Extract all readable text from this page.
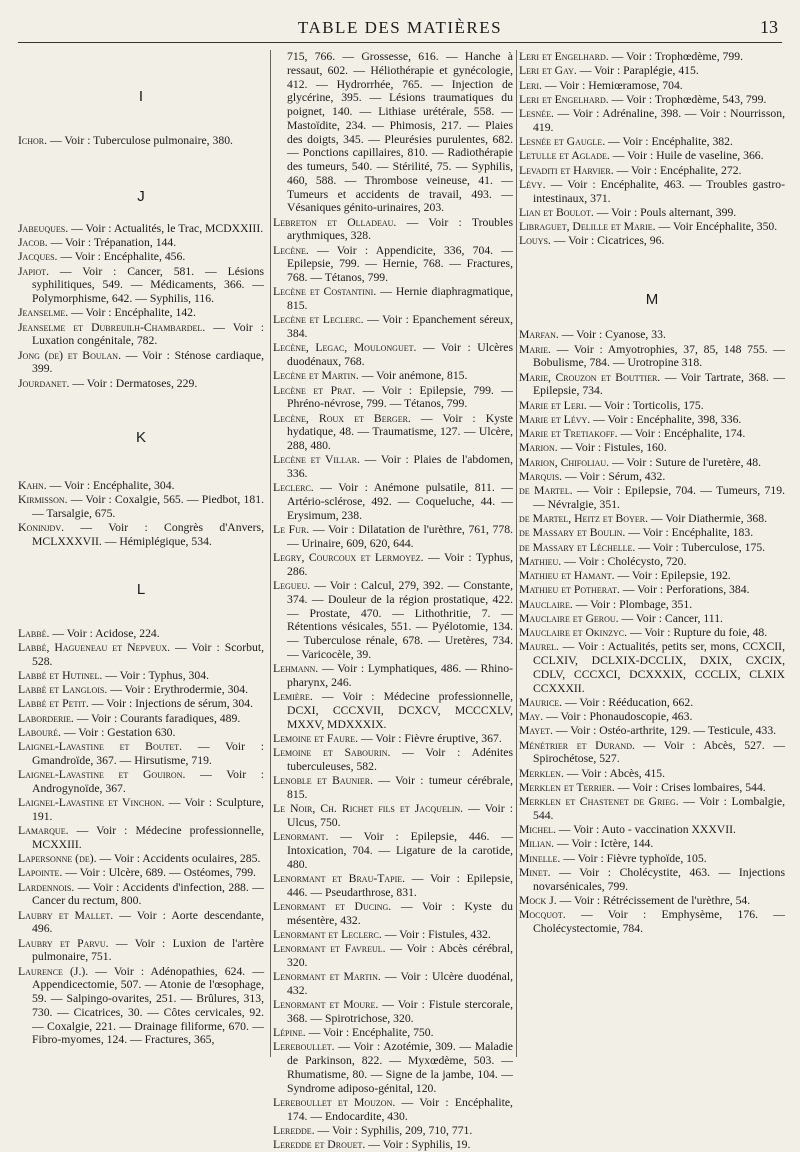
TABLE DES MATIÈRES	13
I
Ichor. — Voir : Tuberculose pulmonaire, 380.
J
Jabeuques. — Voir : Actualités, le Trac, MCDXXIII.
Jacob. — Voir : Trépanation, 144.
Jacques. — Voir : Encéphalite, 456.
Japiot. — Voir : Cancer, 581. — Lésions syphilitiques, 549. — Médicaments, 366. — Polymorphisme, 642. — Syphilis, 116.
Jeanselme. — Voir : Encéphalite, 142.
Jeanselme et Dubreuilh-Chambardel. — Voir : Luxation congénitale, 782.
Jong (de) et Boulan. — Voir : Sténose cardiaque, 399.
Jourdanet. — Voir : Dermatoses, 229.
K
Kahn. — Voir : Encéphalite, 304.
Kirmisson. — Voir : Coxalgie, 565. — Piedbot, 181. — Tarsalgie, 675.
Koninjdv. — Voir : Congrès d'Anvers, MCLXXXVII. — Hémiplégique, 534.
L
Labbé. — Voir : Acidose, 224.
Labbé, Hagueneau et Nepveux. — Voir : Scorbut, 528.
Labbé et Hutinel. — Voir : Typhus, 304.
Labbé et Langlois. — Voir : Erythrodermie, 304.
Labbé et Petit. — Voir : Injections de sérum, 304.
Laborderie. — Voir : Courants faradiques, 489.
Labouré. — Voir : Gestation 630.
Laignel-Lavastine et Boutet. — Voir : Gmandroïde, 367. — Hirsutisme, 719.
Laignel-Lavastine et Gouiron. — Voir : Androgynoïde, 367.
Laignel-Lavastine et Vinchon. — Voir : Sculpture, 191.
Lamarque. — Voir : Médecine professionnelle, MCXXIII.
Lapersonne (de). — Voir : Accidents oculaires, 285.
Lapointe. — Voir : Ulcère, 689. — Ostéomes, 799.
Lardennois. — Voir : Accidents d'infection, 288. — Cancer du rectum, 800.
Laubry et Mallet. — Voir : Aorte descendante, 496.
Laubry et Parvu. — Voir : Luxion de l'artère pulmonaire, 751.
Laurence (J.). — Voir : Adénopathies, 624. — Appendicectomie, 507. — Atonie de l'œsophage, 59. — Salpingo-ovarites, 251. — Brûlures, 313, 730. — Cicatrices, 30. — Côtes cervicales, 92. — Coxalgie, 221. — Drainage filiforme, 670. — Fibro-myomes, 124. — Fractures, 365,
715, 766. — Grossesse, 616. — Hanche à ressaut, 602. — Héliothérapie et gynécologie, 412. — Hydrorrhée, 765. — Injection de glycérine, 395. — Lésions traumatiques du poignet, 140. — Lithiase urétérale, 558. — Mastoïdite, 234. — Phimosis, 217. — Plaies des doigts, 345. — Pleurésies purulentes, 682. — Ponctions capillaires, 810. — Radiothérapie des tumeurs, 540. — Stérilité, 75. — Syphilis, 460, 588. — Thrombose veineuse, 41. — Tumeurs et accidents de travail, 493. — Vésaniques génito-urinaires, 203.
Lebreton et Olladeau. — Voir : Troubles arythmiques, 328.
Lecène. — Voir : Appendicite, 336, 704. — Epilepsie, 799. — Hernie, 768. — Fractures, 768. — Tétanos, 799.
Lecène et Costantini. — Hernie diaphragmatique, 815.
Lecène et Leclerc. — Voir : Epanchement séreux, 384.
Lecène, Legac, Moulonguet. — Voir : Ulcères duodénaux, 768.
Lecène et Martin. — Voir anémone, 815.
Lecène et Prat. — Voir : Epilepsie, 799. — Phréno-névrose, 799. — Tétanos, 799.
Lecène, Roux et Berger. — Voir : Kyste hydatique, 48. — Traumatisme, 127. — Ulcère, 288, 480.
Lecène et Villar. — Voir : Plaies de l'abdomen, 336.
Leclerc. — Voir : Anémone pulsatile, 811. — Artério-sclérose, 492. — Coqueluche, 44. — Erysimum, 238.
Le Fur. — Voir : Dilatation de l'urèthre, 761, 778. — Urinaire, 609, 620, 644.
Legry, Courcoux et Lermoyez. — Voir : Typhus, 286.
Legueu. — Voir : Calcul, 279, 392. — Constante, 374. — Douleur de la région prostatique, 422. — Prostate, 470. — Lithothritie, 7. — Rétentions vésicales, 551. — Pyélotomie, 134. — Tuberculose rénale, 678. — Uretères, 734. — Varicocèle, 39.
Lehmann. — Voir : Lymphatiques, 486. — Rhino-pharynx, 246.
Lemière. — Voir : Médecine professionnelle, DCXI, CCCXVII, DCXCV, MCCCXLV, MXXV, MDXXXIX.
Lemoine et Faure. — Voir : Fièvre éruptive, 367.
Lemoine et Sabourin. — Voir : Adénites tuberculeuses, 582.
Lenoble et Baunier. — Voir : tumeur cérébrale, 815.
Le Noir, Ch. Richet fils et Jacquelin. — Voir : Ulcus, 750.
Lenormant. — Voir : Epilepsie, 446. — Intoxication, 704. — Ligature de la carotide, 480.
Lenormant et Brau-Tapie. — Voir : Epilepsie, 446. — Pseudarthrose, 831.
Lenormant et Ducing. — Voir : Kyste du mésentère, 432.
Lenormant et Leclerc. — Voir : Fistules, 432.
Lenormant et Favreul. — Voir : Abcès cérébral, 320.
Lenormant et Martin. — Voir : Ulcère duodénal, 432.
Lenormant et Moure. — Voir : Fistule stercorale, 368. — Spirotrichose, 320.
Lépine. — Voir : Encéphalite, 750.
Lereboullet. — Voir : Azotémie, 309. — Maladie de Parkinson, 822. — Myxœdème, 503. — Rhumatisme, 80. — Signe de la jambe, 104. — Syndrome adiposo-génital, 120.
Lereboullet et Mouzon. — Voir : Encéphalite, 174. — Endocardite, 430.
Leredde. — Voir : Syphilis, 209, 710, 771.
Leredde et Drouet. — Voir : Syphilis, 19.
Leri et Engelhard. — Voir : Trophœdème, 799.
Leri et Gay. — Voir : Paraplégie, 415.
Leri. — Voir : Hemiœramose, 704.
Leri et Engelhard. — Voir : Trophœdème, 543, 799.
Lesnée. — Voir : Adrénaline, 398. — Voir : Nourrisson, 419.
Lesnée et Gaugle. — Voir : Encéphalite, 382.
Letulle et Aglade. — Voir : Huile de vaseline, 366.
Levaditi et Harvier. — Voir : Encéphalite, 272.
Lévy. — Voir : Encéphalite, 463. — Troubles gastro-intestinaux, 371.
Lian et Boulot. — Voir : Pouls alternant, 399.
Libraguet, Delille et Marie. — Voir Encéphalite, 350.
Louys. — Voir : Cicatrices, 96.
M
Marfan. — Voir : Cyanose, 33.
Marie. — Voir : Amyotrophies, 37, 85, 148 755. — Bobulisme, 784. — Urotropine 318.
Marie, Crouzon et Bouttier. — Voir Tartrate, 368. — Epilepsie, 734.
Marie et Leri. — Voir : Torticolis, 175.
Marie et Lévy. — Voir : Encéphalite, 398, 336.
Marie et Tretiakoff. — Voir : Encéphalite, 174.
Marion. — Voir : Fistules, 160.
Marion, Chifoliau. — Voir : Suture de l'uretère, 48.
Marquis. — Voir : Sérum, 432.
de Martel. — Voir : Epilepsie, 704. — Tumeurs, 719. — Névralgie, 351.
de Martel, Heitz et Boyer. — Voir Diathermie, 368.
de Massary et Boulin. — Voir : Encéphalite, 183.
de Massary et Léchelle. — Voir : Tuberculose, 175.
Mathieu. — Voir : Cholécysto, 720.
Mathieu et Hamant. — Voir : Epilepsie, 192.
Mathieu et Potherat. — Voir : Perforations, 384.
Mauclaire. — Voir : Plombage, 351.
Mauclaire et Gerou. — Voir : Cancer, 111.
Mauclaire et Okinzyc. — Voir : Rupture du foie, 48.
Maurel. — Voir : Actualités, petits ser, mons, CCXCII, CCLXIV, DCLXIX-DCCLIX, DXIX, CXCIX, CDLV, CCCXCI, DCXXXIX, CCCLIX, CLXIX CCXXXII.
Maurice. — Voir : Rééducation, 662.
May. — Voir : Phonaudoscopie, 463.
Mayet. — Voir : Ostéo-arthrite, 129. — Testicule, 433.
Ménétrier et Durand. — Voir : Abcès, 527. — Spirochétose, 527.
Merklen. — Voir : Abcès, 415.
Merklen et Terrier. — Voir : Crises lombaires, 544.
Merklen et Chastenet de Grieg. — Voir : Lombalgie, 544.
Michel. — Voir : Auto - vaccination XXXVII.
Milian. — Voir : Ictère, 144.
Minelle. — Voir : Fièvre typhoïde, 105.
Minet. — Voir : Cholécystite, 463. — Injections novarsénicales, 799.
Mock J. — Voir : Rétrécissement de l'urèthre, 54.
Mocquot. — Voir : Emphysème, 176. — Cholécystectomie, 784.
